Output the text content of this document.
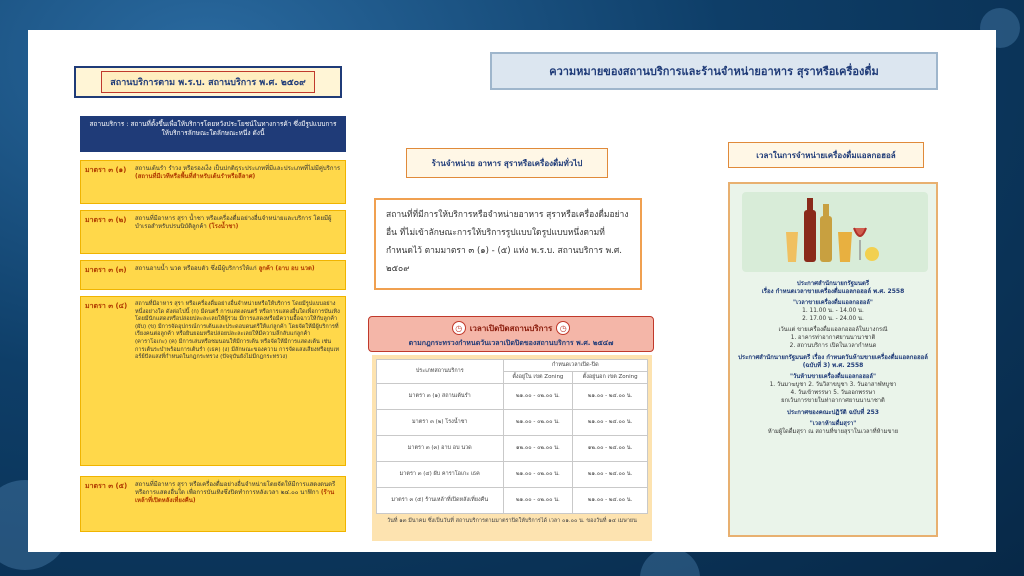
สถานบริการตาม พ.ร.บ. สถานบริการ พ.ศ. ๒๕๐๙
สถานบริการ : สถานที่ตั้งขึ้นเพื่อให้บริการโดยหวังประโยชน์ในทางการค้า ซึ่งมีรูปแบบการให้บริการลักษณะใดลักษณะหนึ่ง ดังนี้
มาตรา ๓ (๑)	สถานเต้นรำ รำวง หรือรองเง็ง เป็นปกติธุระประเภทที่มีและประเภทที่ไม่มีคู่บริการ (สถานที่มีเวทีหรือพื้นที่สำหรับเต้นรำหรือลีลาศ)
มาตรา ๓ (๒)	สถานที่มีอาหาร สุรา น้ำชา หรือเครื่องดื่มอย่างอื่นจำหน่ายและบริการ โดยมีผู้บำเรอสำหรับปรนนิบัติลูกค้า (โรงน้ำชา)
มาตรา ๓ (๓)	สถานอาบน้ำ นวด หรืออบตัว ซึ่งมีผู้บริการให้แก่ ลูกค้า (อาบ อบ นวด)
มาตรา ๓ (๔)	สถานที่มีอาหาร สุรา หรือเครื่องดื่มอย่างอื่นจำหน่ายหรือให้บริการ โดยมีรูปแบบอย่างหนึ่งอย่างใด ดังต่อไปนี้ (ก) มีดนตรี การแสดงดนตรี หรือการแสดงอื่นใดเพื่อการบันเทิงโดยมีนักแสดงหรือปล่อยปละละเลยให้ผู้ร่วม มีการแสดงหรือมีความอื้อฉาวให้กับลูกค้า (ผับ) (ข) มีการจัดอุปกรณ์การเต้นและประดอบดนตรีให้แก่ลูกค้า โดยจัดให้มีผู้บริการที่เรียงคนต่อลูกค้า หรือยินยอมหรือปล่อยปละละเลยให้มีความลึกลับแก่ลูกค้า (คาราโอเกะ) (ค) มีการเล่นหรือชมนอนให้มีการเต้น หรือจัดให้มีการแสดงเต้น เช่น การเต้นระบำพร้อมการเต้นรำ (เธค) (ง) มีลักษณะของความ การจัดแสงเสียงหรือยุบเทอร์ย์ปัลแสงที่กำหนดในกฎกระทรวง (ปัจจุบันยังไม่มีกฎกระทรวง)
มาตรา ๓ (๕)	สถานที่มีอาหาร สุรา หรือเครื่องดื่มอย่างอื่นจำหน่ายโดยจัดให้มีการแสดงดนตรีหรือการแสดงอื่นใด เพื่อการบันเทิงซึ่งปิดทำการหลังเวลา ๒๔.๐๐ นาฬิกา (ร้านเหล้าที่เปิดหลังเที่ยงคืน)
ความหมายของสถานบริการและร้านจำหน่ายอาหาร สุราหรือเครื่องดื่ม
ร้านจำหน่าย อาหาร สุราหรือเครื่องดื่มทั่วไป
สถานที่ที่มีการให้บริการหรือจำหน่ายอาหาร สุราหรือเครื่องดื่มอย่างอื่น ที่ไม่เข้าลักษณะการให้บริการรูปแบบใดรูปแบบหนึ่งตามที่กำหนดไว้ ตามมาตรา ๓ (๑) - (๕) แห่ง พ.ร.บ. สถานบริการ พ.ศ. ๒๕๐๙
◷ เวลาเปิดปิดสถานบริการ ◷
ตามกฎกระทรวงกำหนดวันเวลาเปิดปิดของสถานบริการ พ.ศ. ๒๕๔๗
ประเภทสถานบริการ	กำหนดเวลาเปิด-ปิด	
	ตั้งอยู่ใน เขต Zoning	ตั้งอยู่นอก เขต Zoning
มาตรา ๓ (๑) สถานเต้นรำ	๒๑.๐๐ - ๐๒.๐๐ น.	๒๑.๐๐ - ๒๔.๐๐ น.
มาตรา ๓ (๒) โรงน้ำชา	๒๑.๐๐ - ๐๒.๐๐ น.	๒๑.๐๐ - ๒๔.๐๐ น.
มาตรา ๓ (๓) อาบ อบ นวด	๑๒.๐๐ - ๐๒.๐๐ น.	๑๒.๐๐ - ๒๔.๐๐ น.
มาตรา ๓ (๔) ผับ คาราโอเกะ เธค	๒๑.๐๐ - ๐๒.๐๐ น.	๒๑.๐๐ - ๒๔.๐๐ น.
มาตรา ๓ (๕) ร้านเหล้าที่เปิดหลังเที่ยงคืน	๒๑.๐๐ - ๐๒.๐๐ น.	๒๑.๐๐ - ๒๔.๐๐ น.
วันที่ ๑๓ มีนาคม ซึ่งเป็นวันที่ สถานบริการตามมาตราปิดให้บริการได้ เวลา ๐๑.๐๐ น. ของวันที่ ๑๔ เมษายน
เวลาในการจำหน่ายเครื่องดื่มแอลกอฮอล์

ประกาศสำนักนายกรัฐมนตรี

เรื่อง กำหนดเวลาขายเครื่องดื่มแอลกอฮอล์ พ.ศ. 2558

"เวลาขายเครื่องดื่มแอลกอฮอล์"

1. 11.00 น. - 14.00 น.

2. 17.00 น. - 24.00 น.

เว้นแต่ ขายเครื่องดื่มแอลกอฮอล์ในบางกรณี

1. อาคารท่าอากาศยานนานาชาติ

2. สถานบริการ เปิดในเวลากำหนด

ประกาศสำนักนายกรัฐมนตรี เรื่อง กำหนดวันห้ามขายเครื่องดื่มแอลกอฮอล์ (ฉบับที่ 3) พ.ศ. 2558

"วันห้ามขายเครื่องดื่มแอลกอฮอล์"

1. วันมาฆบูชา 2. วันวิสาขบูชา 3. วันอาสาฬหบูชา

4. วันเข้าพรรษา 5. วันออกพรรษา

ยกเว้นการขายในท่าอากาศยานนานาชาติ

ประกาศของคณะปฏิวัติ ฉบับที่ 253

"เวลาห้ามดื่มสุรา"

ห้ามผู้ใดดื่มสุรา ณ สถานที่ขายสุราในเวลาที่ห้ามขาย
